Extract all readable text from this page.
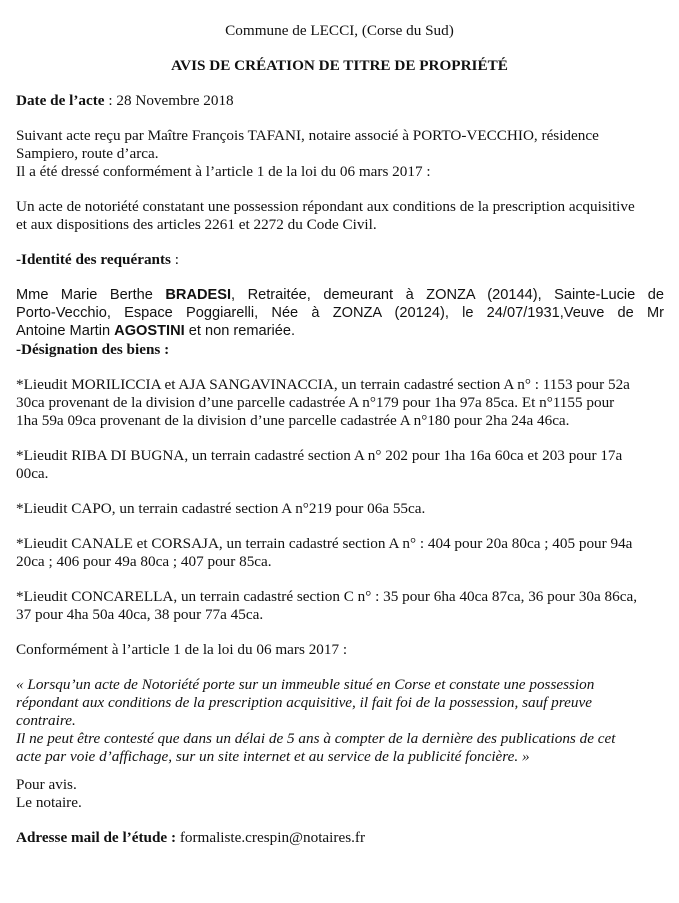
Commune de LECCI, (Corse du Sud)

AVIS DE CRÉATION DE TITRE DE PROPRIÉTÉ

Date de l’acte : 28 Novembre 2018

Suivant acte reçu par Maître François TAFANI, notaire associé à PORTO-VECCHIO, résidence
Sampiero, route d’arca.
Il a été dressé conformément à l’article 1 de la loi du 06 mars 2017 :

Un acte de notoriété constatant une possession répondant aux conditions de la prescription acquisitive
et aux dispositions des articles 2261 et 2272 du Code Civil.

-Identité des requérants :

Mme Marie Berthe BRADESI, Retraitée, demeurant à ZONZA (20144), Sainte-Lucie de
Porto-Vecchio, Espace Poggiarelli, Née à ZONZA (20124), le 24/07/1931,Veuve de Mr
Antoine Martin AGOSTINI et non remariée.

-Désignation des biens :

*Lieudit MORILICCIA et AJA SANGAVINACCIA, un terrain cadastré section A n° : 1153 pour 52a
30ca provenant de la division d’une parcelle cadastrée A n°179 pour 1ha 97a 85ca. Et n°1155 pour
1ha 59a 09ca provenant de la division d’une parcelle cadastrée A n°180 pour 2ha 24a 46ca.

*Lieudit RIBA DI BUGNA, un terrain cadastré section A n° 202 pour 1ha 16a 60ca et 203 pour 17a
00ca.

*Lieudit CAPO, un terrain cadastré section A n°219 pour 06a 55ca.

*Lieudit CANALE et CORSAJA, un terrain cadastré section A n° : 404 pour 20a 80ca ; 405 pour 94a
20ca ; 406 pour 49a 80ca ; 407 pour 85ca.

*Lieudit CONCARELLA, un terrain cadastré section C n° : 35 pour 6ha 40ca 87ca, 36 pour 30a 86ca,
37 pour 4ha 50a 40ca, 38 pour 77a 45ca.

Conformément à l’article 1 de la loi du 06 mars 2017 :

« Lorsqu’un acte de Notoriété porte sur un immeuble situé en Corse et constate une possession
répondant aux conditions de la prescription acquisitive, il fait foi de la possession, sauf preuve
contraire.
Il ne peut être contesté que dans un délai de 5 ans à compter de la dernière des publications de cet
acte par voie d’affichage, sur un site internet et au service de la publicité foncière. »

Pour avis.
Le notaire.

Adresse mail de l’étude : formaliste.crespin@notaires.fr
